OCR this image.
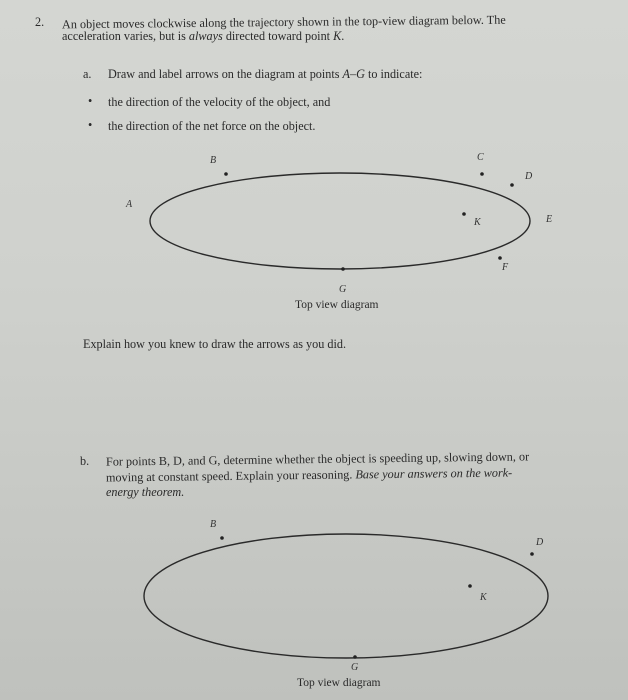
2. An object moves clockwise along the trajectory shown in the top-view diagram below. The
acceleration varies, but is always directed toward point K.
a. Draw and label arrows on the diagram at points A–G to indicate:
• the direction of the velocity of the object, and
• the direction of the net force on the object.
A
B	C
D
E
F
G
K
B
D
G
K
Top view diagram
Explain how you knew to draw the arrows as you did.
b. For points B, D, and G, determine whether the object is speeding up, slowing down, or
moving at constant speed. Explain your reasoning. Base your answers on the work-
energy theorem.
Top view diagram
